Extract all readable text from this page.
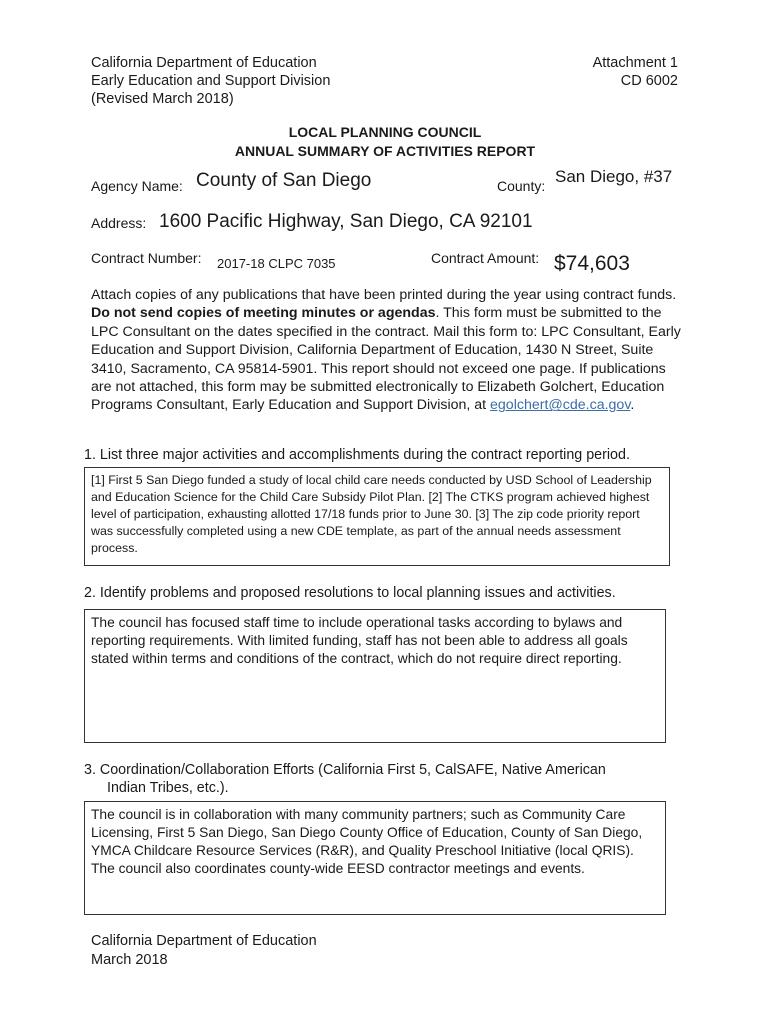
California Department of Education
Early Education and Support Division
(Revised March 2018)
Attachment 1
CD 6002
LOCAL PLANNING COUNCIL
ANNUAL SUMMARY OF ACTIVITIES REPORT
Agency Name: County of San Diego	County: San Diego, #37
Address: 1600 Pacific Highway, San Diego, CA 92101
Contract Number: 2017-18 CLPC 7035	Contract Amount: $74,603
Attach copies of any publications that have been printed during the year using contract funds. Do not send copies of meeting minutes or agendas. This form must be submitted to the LPC Consultant on the dates specified in the contract. Mail this form to: LPC Consultant, Early Education and Support Division, California Department of Education, 1430 N Street, Suite 3410, Sacramento, CA 95814-5901. This report should not exceed one page. If publications are not attached, this form may be submitted electronically to Elizabeth Golchert, Education Programs Consultant, Early Education and Support Division, at egolchert@cde.ca.gov.
1. List three major activities and accomplishments during the contract reporting period.
[1] First 5 San Diego funded a study of local child care needs conducted by USD School of Leadership and Education Science for the Child Care Subsidy Pilot Plan. [2] The CTKS program achieved highest level of participation, exhausting allotted 17/18 funds prior to June 30. [3] The zip code priority report was successfully completed using a new CDE template, as part of the annual needs assessment process.
2. Identify problems and proposed resolutions to local planning issues and activities.
The council has focused staff time to include operational tasks according to bylaws and reporting requirements. With limited funding, staff has not been able to address all goals stated within terms and conditions of the contract, which do not require direct reporting.
3. Coordination/Collaboration Efforts (California First 5, CalSAFE, Native American
Indian Tribes, etc.).
The council is in collaboration with many community partners; such as Community Care Licensing, First 5 San Diego, San Diego County Office of Education, County of San Diego, YMCA Childcare Resource Services (R&R), and Quality Preschool Initiative (local QRIS). The council also coordinates county-wide EESD contractor meetings and events.
California Department of Education
March 2018
